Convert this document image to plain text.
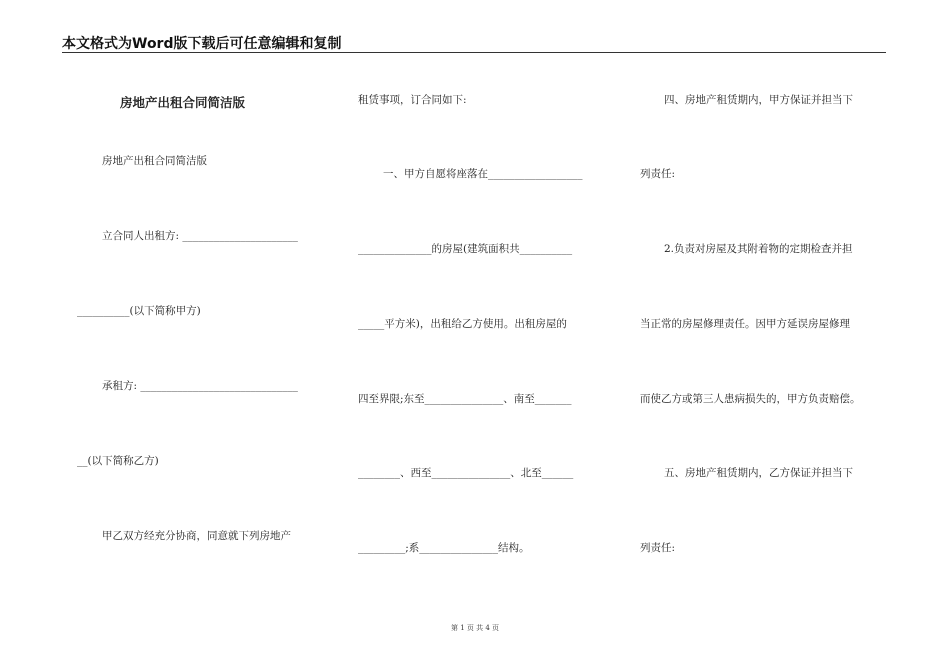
本文格式为Word版下载后可任意编辑和复制
房地产出租合同简洁版
房地产出租合同简洁版
立合同人出租方: ______________________
__________(以下简称甲方)
承租方: ______________________________
__(以下简称乙方)
甲乙双方经充分协商，同意就下列房地产
租赁事项，订合同如下:
一、甲方自愿将座落在__________________
______________的房屋(建筑面积共__________
_____平方米)，出租给乙方使用。出租房屋的
四至界限;东至_______________、南至_______
________、西至_______________、北至______
_________;系_______________结构。
四、房地产租赁期内，甲方保证并担当下
列责任:
2.负责对房屋及其附着物的定期检查并担
当正常的房屋修理责任。因甲方延误房屋修理
而使乙方或第三人患病损失的，甲方负责赔偿。
五、房地产租赁期内，乙方保证并担当下
列责任:
第 1 页 共 4 页
